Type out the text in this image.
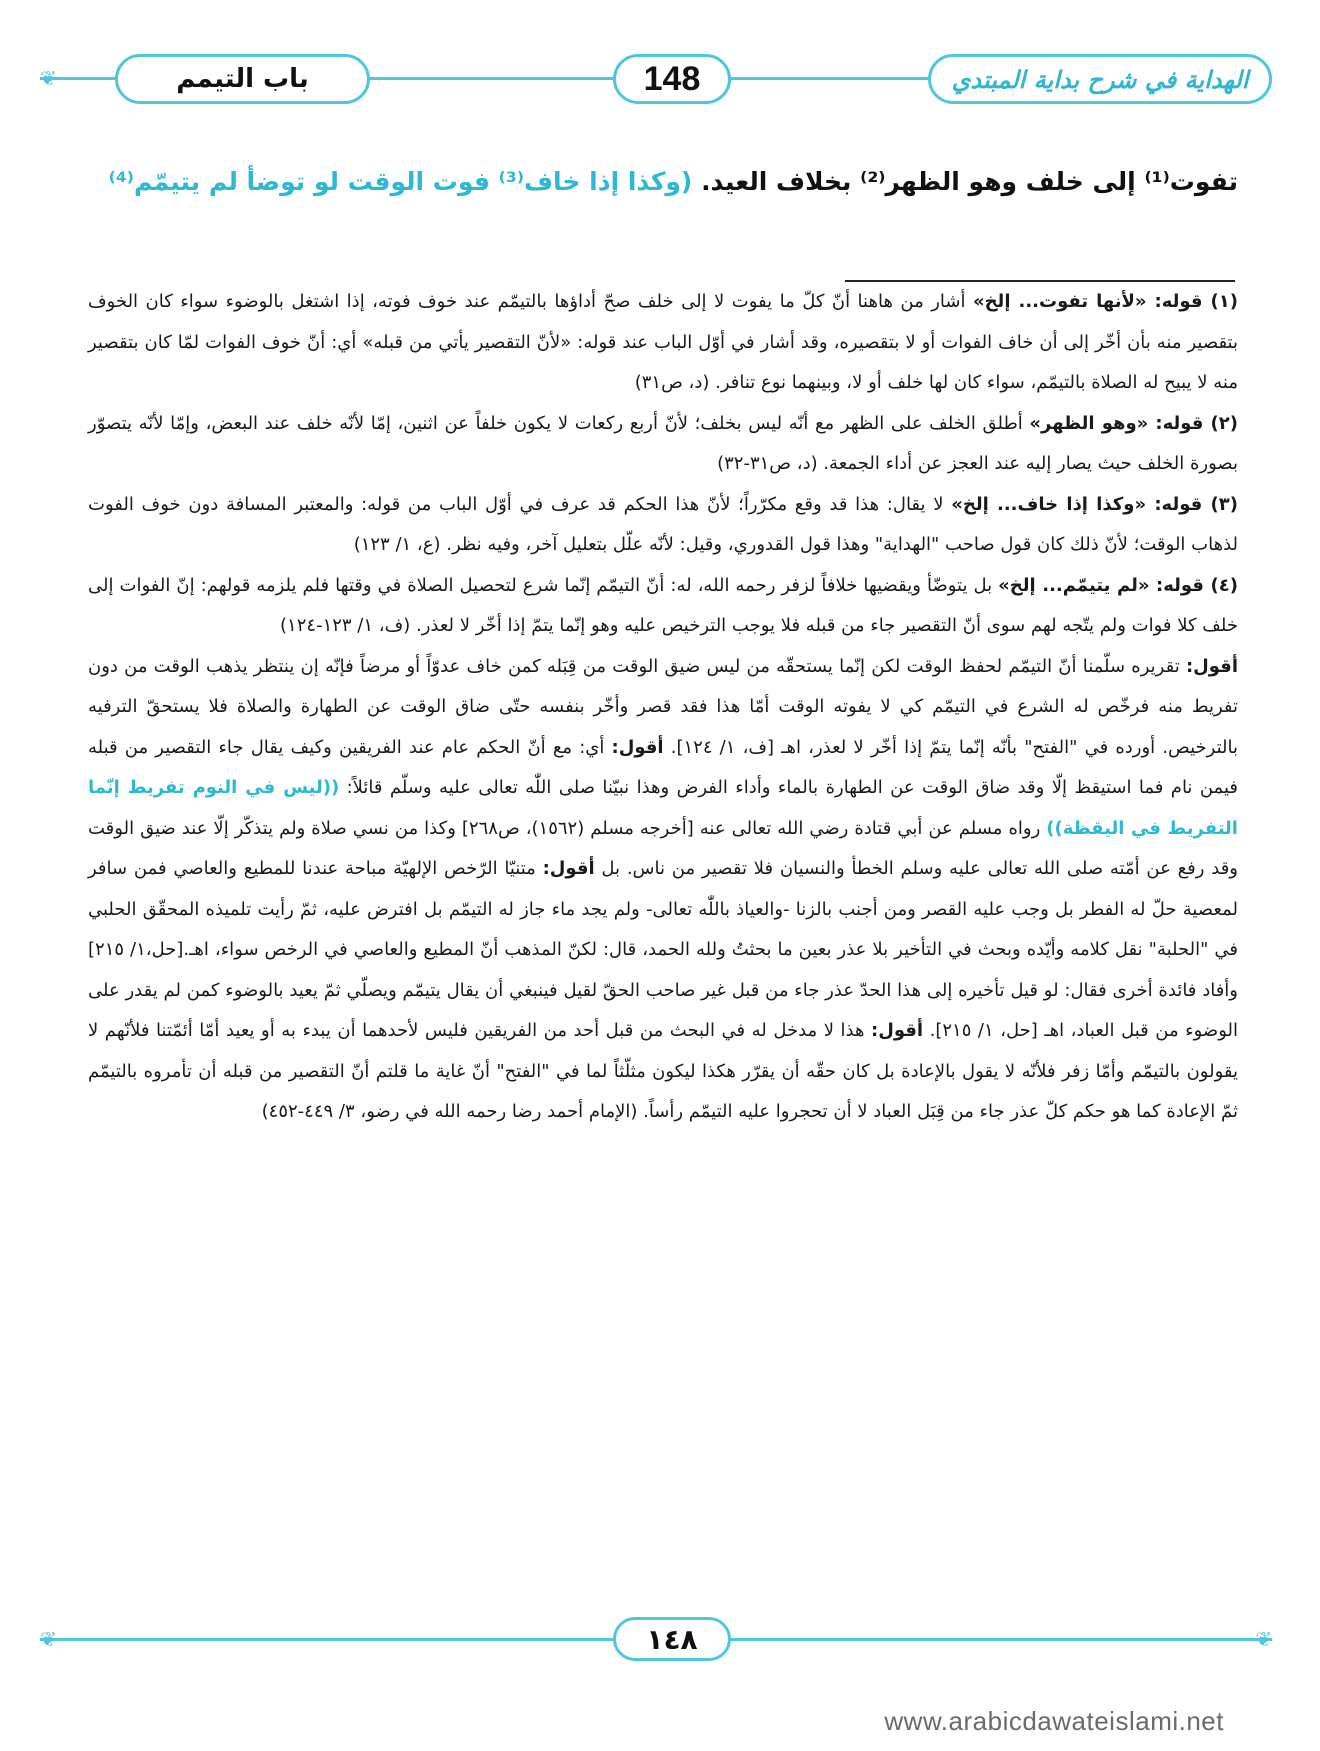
❦	باب التيمم	148	الهداية في شرح بداية المبتدي
تفوت⁽¹⁾ إلى خلف وهو الظهر⁽²⁾ بخلاف العيد. (وكذا إذا خاف⁽³⁾ فوت الوقت لو توضأ لم يتيمّم⁽⁴⁾

(١) قوله: «لأنها تفوت... إلخ» أشار من هاهنا أنّ كلّ ما يفوت لا إلى خلف صحّ أداؤها بالتيمّم عند خوف فوته، إذا اشتغل بالوضوء سواء كان الخوف بتقصير منه بأن أخّر إلى أن خاف الفوات أو لا بتقصيره، وقد أشار في أوّل الباب عند قوله: «لأنّ التقصير يأتي من قبله» أي: أنّ خوف الفوات لمّا كان بتقصير منه لا يبيح له الصلاة بالتيمّم، سواء كان لها خلف أو لا، وبينهما نوع تنافر. (د، ص٣١)

(٢) قوله: «وهو الظهر» أطلق الخلف على الظهر مع أنّه ليس بخلف؛ لأنّ أربع ركعات لا يكون خلفاً عن اثنين، إمّا لأنّه خلف عند البعض، وإمّا لأنّه يتصوّر بصورة الخلف حيث يصار إليه عند العجز عن أداء الجمعة. (د، ص٣١-٣٢)

(٣) قوله: «وكذا إذا خاف... إلخ» لا يقال: هذا قد وقع مكرّراً؛ لأنّ هذا الحكم قد عرف في أوّل الباب من قوله: والمعتبر المسافة دون خوف الفوت لذهاب الوقت؛ لأنّ ذلك كان قول صاحب "الهداية" وهذا قول القدوري، وقيل: لأنّه علّل بتعليل آخر، وفيه نظر. (ع، ١/ ١٢٣)

(٤) قوله: «لم يتيمّم... إلخ» بل يتوضّأ ويقضيها خلافاً لزفر رحمه الله، له: أنّ التيمّم إنّما شرع لتحصيل الصلاة في وقتها فلم يلزمه قولهم: إنّ الفوات إلى خلف كلا فوات ولم يتّجه لهم سوى أنّ التقصير جاء من قبله فلا يوجب الترخيص عليه وهو إنّما يتمّ إذا أخّر لا لعذر. (ف، ١/ ١٢٣-١٢٤)

أقول: تقريره سلّمنا أنّ التيمّم لحفظ الوقت لكن إنّما يستحقّه من ليس ضيق الوقت من قِبَله كمن خاف عدوّاً أو مرضاً فإنّه إن ينتظر يذهب الوقت من دون تفريط منه فرخّص له الشرع في التيمّم كي لا يفوته الوقت أمّا هذا فقد قصر وأخّر بنفسه حتّى ضاق الوقت عن الطهارة والصلاة فلا يستحقّ الترفيه بالترخيص. أورده في "الفتح" بأنّه إنّما يتمّ إذا أخّر لا لعذر، اهـ [ف، ١/ ١٢٤]. أقول: أي: مع أنّ الحكم عام عند الفريقين وكيف يقال جاء التقصير من قبله فيمن نام فما استيقظ إلّا وقد ضاق الوقت عن الطهارة بالماء وأداء الفرض وهذا نبيّنا صلى اللّٰه تعالى عليه وسلّم قائلاً: ((ليس في النوم تفريط إنّما التفريط في اليقظة)) رواه مسلم عن أبي قتادة رضي الله تعالى عنه [أخرجه مسلم (١٥٦٢)، ص٢٦٨] وكذا من نسي صلاة ولم يتذكّر إلّا عند ضيق الوقت وقد رفع عن أمّته صلى الله تعالى عليه وسلم الخطأ والنسيان فلا تقصير من ناس. بل أقول: متنيّا الرّخص الإلهيّة مباحة عندنا للمطيع والعاصي فمن سافر لمعصية حلّ له الفطر بل وجب عليه القصر ومن أجنب بالزنا -والعياذ باللّٰه تعالى- ولم يجد ماء جاز له التيمّم بل افترض عليه، ثمّ رأيت تلميذه المحقّق الحلبي في "الحلبة" نقل كلامه وأيّده وبحث في التأخير بلا عذر بعين ما بحثتُ ولله الحمد، قال: لكنّ المذهب أنّ المطيع والعاصي في الرخص سواء، اهـ.[حل،١/ ٢١٥] وأفاد فائدة أخرى فقال: لو قيل تأخيره إلى هذا الحدّ عذر جاء من قبل غير صاحب الحقّ لقيل فينبغي أن يقال يتيمّم ويصلّي ثمّ يعيد بالوضوء كمن لم يقدر على الوضوء من قبل العباد، اهـ [حل، ١/ ٢١٥]. أقول: هذا لا مدخل له في البحث من قبل أحد من الفريقين فليس لأحدهما أن يبدء به أو يعيد أمّا أئمّتنا فلأنّهم لا يقولون بالتيمّم وأمّا زفر فلأنّه لا يقول بالإعادة بل كان حقّه أن يقرّر هكذا ليكون مثلّثاً لما في "الفتح" أنّ غاية ما قلتم أنّ التقصير من قبله أن تأمروه بالتيمّم ثمّ الإعادة كما هو حكم كلّ عذر جاء من قِبَل العباد لا أن تحجروا عليه التيمّم رأساً. (الإمام أحمد رضا رحمه الله في رضو، ٣/ ٤٤٩-٤٥٢)

❦	❦
١٤٨
www.arabicdawateislami.net
